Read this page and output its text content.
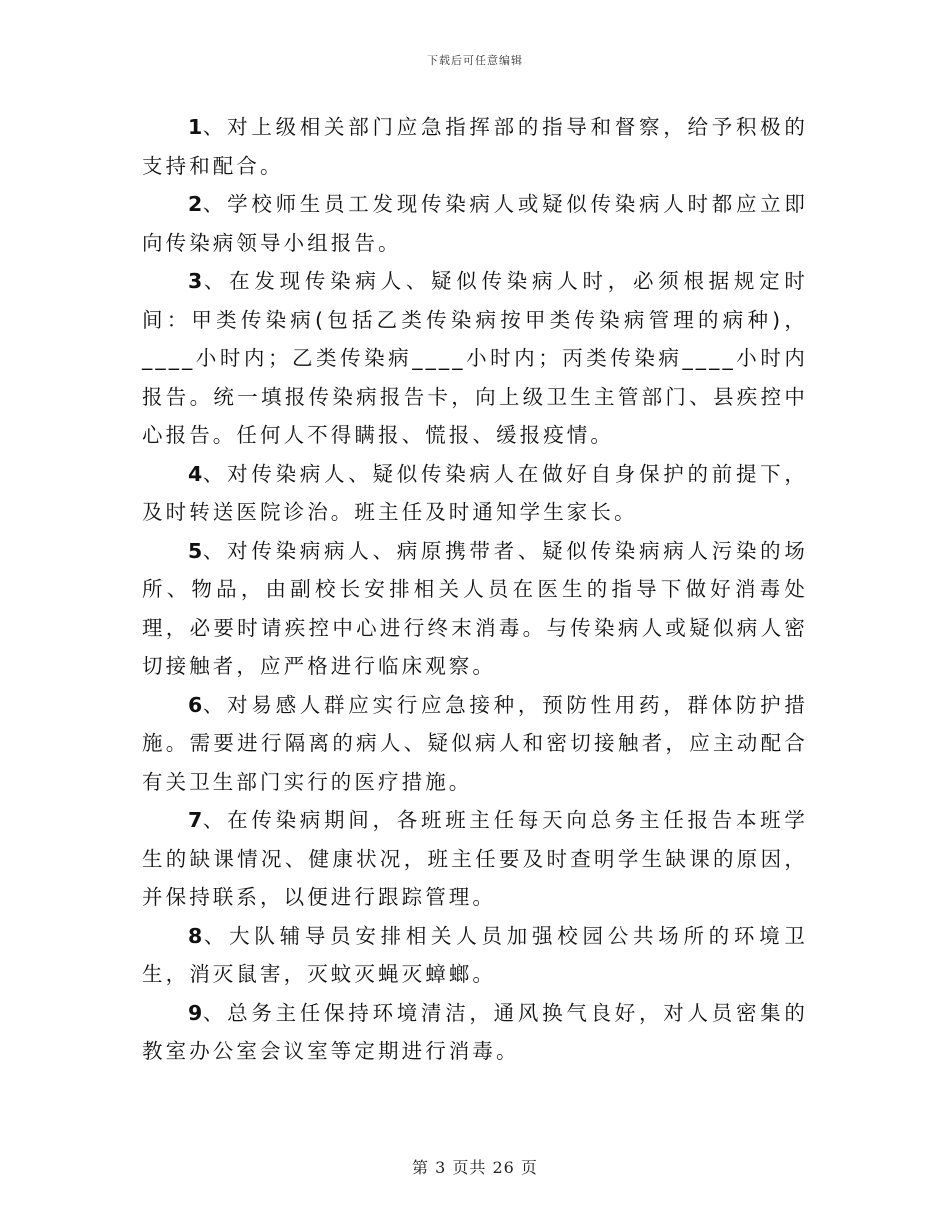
下载后可任意编辑

1、对上级相关部门应急指挥部的指导和督察，给予积极的支持和配合。

2、学校师生员工发现传染病人或疑似传染病人时都应立即向传染病领导小组报告。

3、在发现传染病人、疑似传染病人时，必须根据规定时间：甲类传染病(包括乙类传染病按甲类传染病管理的病种)，____小时内；乙类传染病____小时内；丙类传染病____小时内报告。统一填报传染病报告卡，向上级卫生主管部门、县疾控中心报告。任何人不得瞒报、慌报、缓报疫情。

4、对传染病人、疑似传染病人在做好自身保护的前提下，及时转送医院诊治。班主任及时通知学生家长。

5、对传染病病人、病原携带者、疑似传染病病人污染的场所、物品，由副校长安排相关人员在医生的指导下做好消毒处理，必要时请疾控中心进行终末消毒。与传染病人或疑似病人密切接触者，应严格进行临床观察。

6、对易感人群应实行应急接种，预防性用药，群体防护措施。需要进行隔离的病人、疑似病人和密切接触者，应主动配合有关卫生部门实行的医疗措施。

7、在传染病期间，各班班主任每天向总务主任报告本班学生的缺课情况、健康状况，班主任要及时查明学生缺课的原因，并保持联系，以便进行跟踪管理。

8、大队辅导员安排相关人员加强校园公共场所的环境卫生，消灭鼠害，灭蚊灭蝇灭蟑螂。

9、总务主任保持环境清洁，通风换气良好，对人员密集的教室办公室会议室等定期进行消毒。

第 3 页共 26 页
